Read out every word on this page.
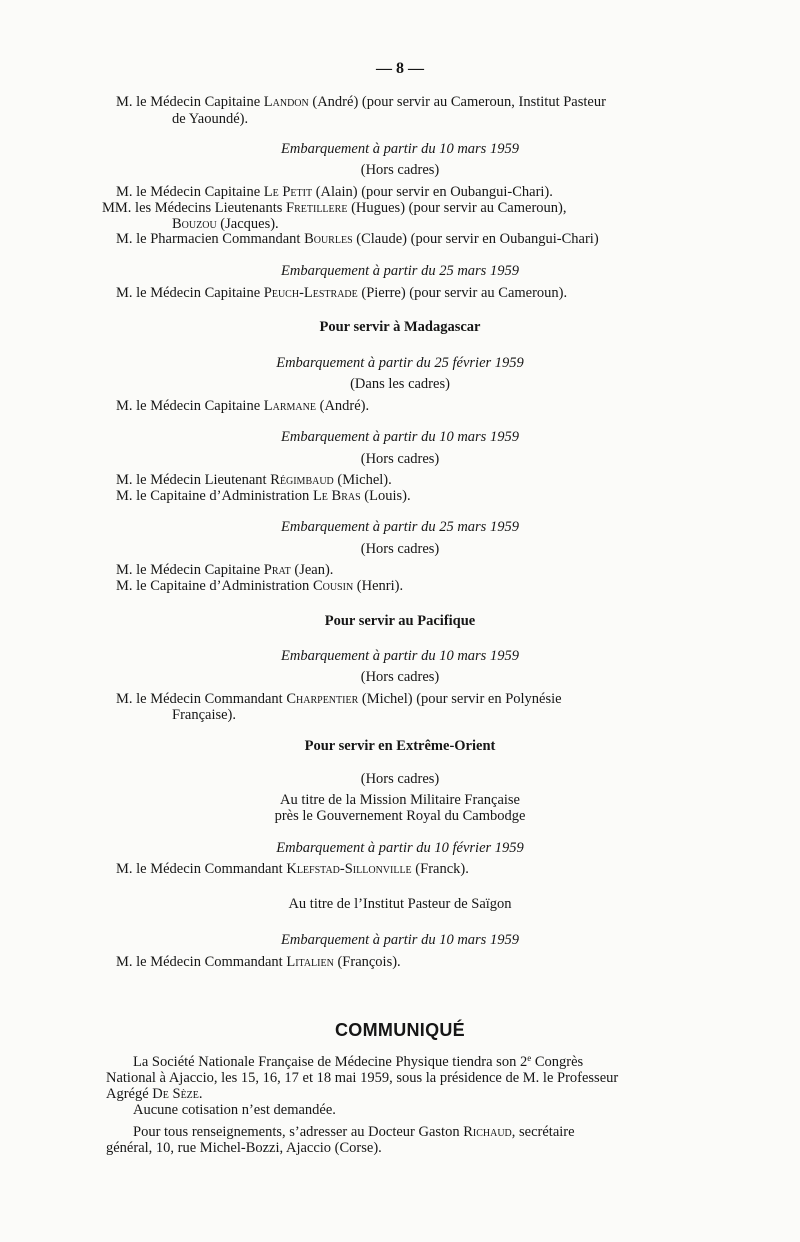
— 8 —
M. le Médecin Capitaine Landon (André) (pour servir au Cameroun, Institut Pasteur
de Yaoundé).
Embarquement à partir du 10 mars 1959
(Hors cadres)
M. le Médecin Capitaine Le Petit (Alain) (pour servir en Oubangui-Chari).
MM. les Médecins Lieutenants Fretillere (Hugues) (pour servir au Cameroun),
Bouzou (Jacques).
M. le Pharmacien Commandant Bourles (Claude) (pour servir en Oubangui-Chari)
Embarquement à partir du 25 mars 1959
M. le Médecin Capitaine Peuch-Lestrade (Pierre) (pour servir au Cameroun).
Pour servir à Madagascar
Embarquement à partir du 25 février 1959
(Dans les cadres)
M. le Médecin Capitaine Larmane (André).
Embarquement à partir du 10 mars 1959
(Hors cadres)
M. le Médecin Lieutenant Régimbaud (Michel).
M. le Capitaine d’Administration Le Bras (Louis).
Embarquement à partir du 25 mars 1959
(Hors cadres)
M. le Médecin Capitaine Prat (Jean).
M. le Capitaine d’Administration Cousin (Henri).
Pour servir au Pacifique
Embarquement à partir du 10 mars 1959
(Hors cadres)
M. le Médecin Commandant Charpentier (Michel) (pour servir en Polynésie
Française).
Pour servir en Extrême-Orient
(Hors cadres)
Au titre de la Mission Militaire Française
près le Gouvernement Royal du Cambodge
Embarquement à partir du 10 février 1959
M. le Médecin Commandant Klefstad-Sillonville (Franck).
Au titre de l’Institut Pasteur de Saïgon
Embarquement à partir du 10 mars 1959
M. le Médecin Commandant Litalien (François).
COMMUNIQUÉ
La Société Nationale Française de Médecine Physique tiendra son 2e Congrès
National à Ajaccio, les 15, 16, 17 et 18 mai 1959, sous la présidence de M. le Professeur
Agrégé De Sèze.
Aucune cotisation n’est demandée.
Pour tous renseignements, s’adresser au Docteur Gaston Richaud, secrétaire
général, 10, rue Michel-Bozzi, Ajaccio (Corse).
